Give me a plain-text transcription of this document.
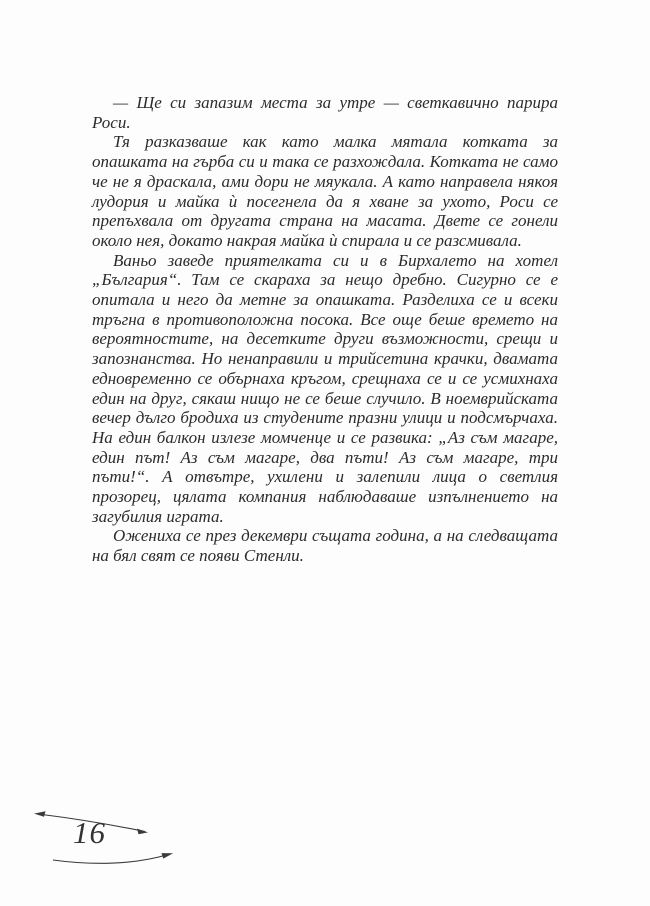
— Ще си запазим места за утре — светкавично парира Роси.

Тя разказваше как като малка мятала котката за опашката на гърба си и така се разхождала. Котката не само че не я драскала, ами дори не мяукала. А като направела някоя лудория и майка ѝ посегнела да я хване за ухото, Роси се препъхвала от другата страна на масата. Двете се гонели около нея, докато накрая майка ѝ спирала и се разсмивала.

Ваньо заведе приятелката си и в Бирхалето на хотел „България“. Там се скараха за нещо дребно. Сигурно се е опитала и него да метне за опашката. Разделиха се и всеки тръгна в противоположна посока. Все още беше времето на вероятностите, на десетките други възможности, срещи и запознанства. Но ненаправили и трийсетина крачки, двамата едновременно се обърнаха кръгом, срещнаха се и се усмихнаха един на друг, сякаш нищо не се беше случило. В ноемврийската вечер дълго бродиха из студените празни улици и подсмърчаха. На един балкон излезе момченце и се развика: „Аз съм магаре, един път! Аз съм магаре, два пъти! Аз съм магаре, три пъти!“. А отвътре, ухилени и залепили лица о светлия прозорец, цялата компания наблюдаваше изпълнението на загубилия играта.

Ожениха се през декември същата година, а на следващата на бял свят се появи Стенли.

16
